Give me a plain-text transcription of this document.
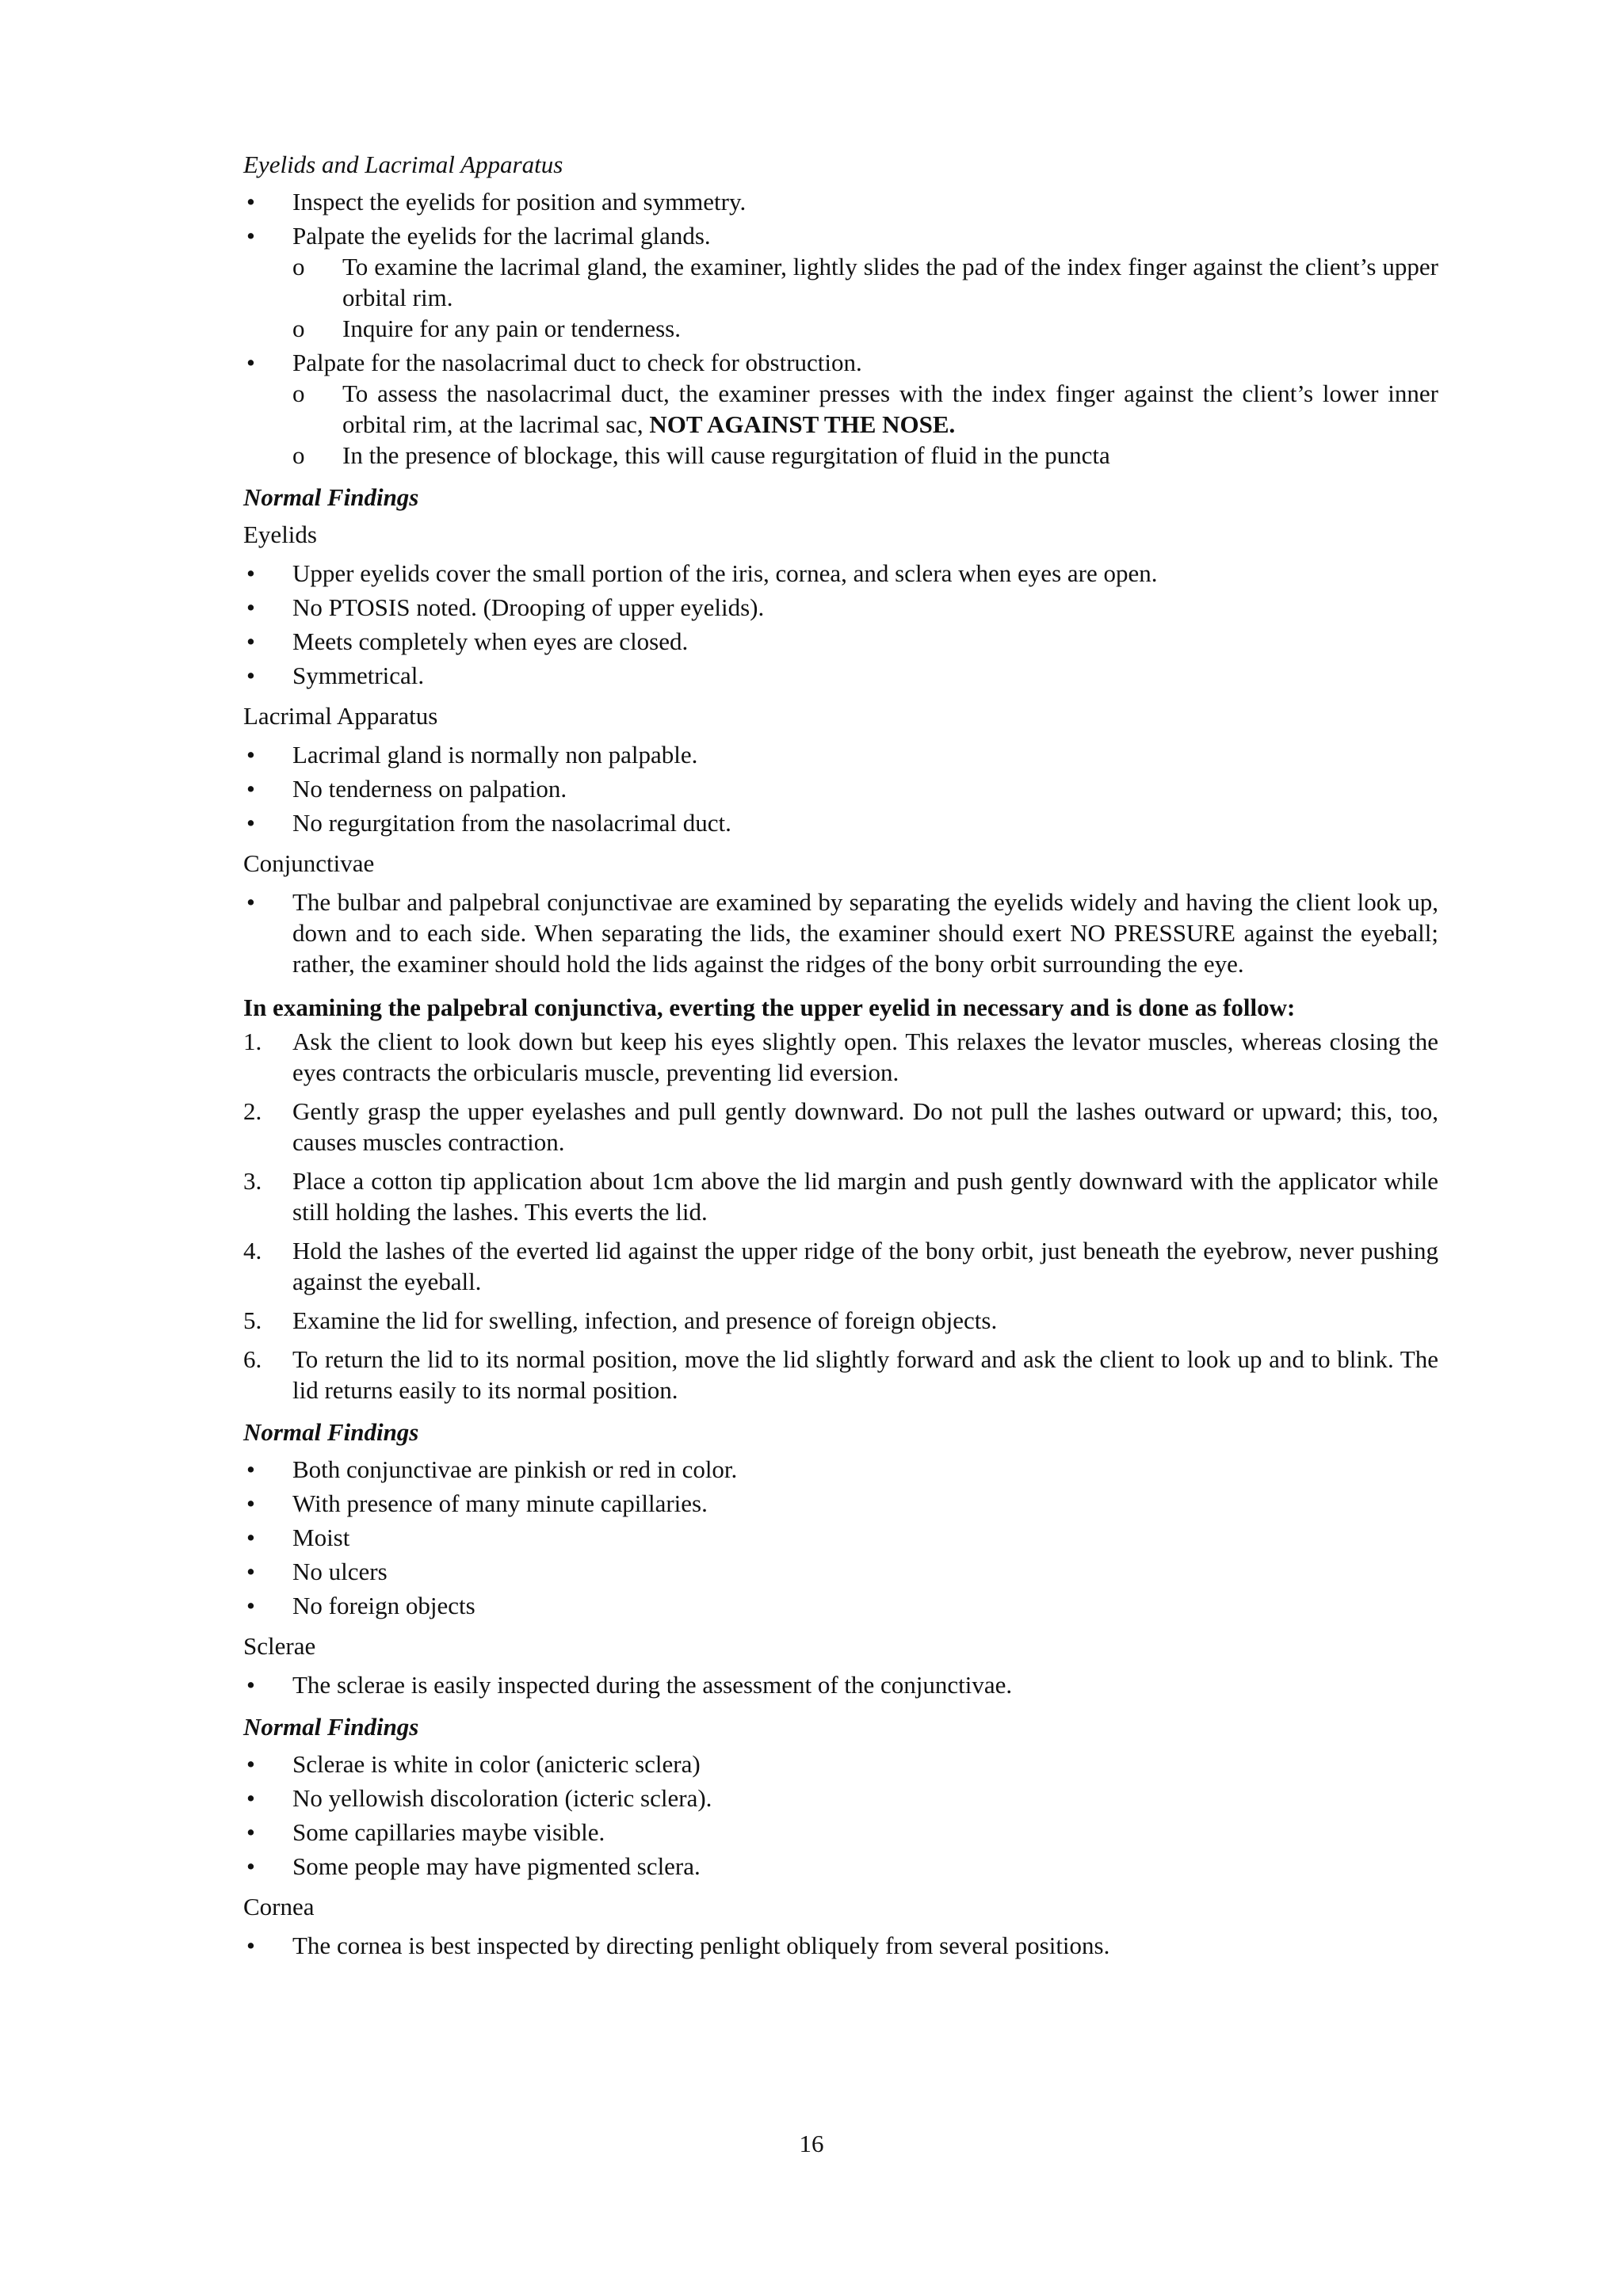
Eyelids and Lacrimal Apparatus
• Inspect the eyelids for position and symmetry.
• Palpate the eyelids for the lacrimal glands.
o To examine the lacrimal gland, the examiner, lightly slides the pad of the index finger against the client’s upper orbital rim.
o Inquire for any pain or tenderness.
• Palpate for the nasolacrimal duct to check for obstruction.
o To assess the nasolacrimal duct, the examiner presses with the index finger against the client’s lower inner orbital rim, at the lacrimal sac, NOT AGAINST THE NOSE.
o In the presence of blockage, this will cause regurgitation of fluid in the puncta
Normal Findings
Eyelids
• Upper eyelids cover the small portion of the iris, cornea, and sclera when eyes are open.
• No PTOSIS noted. (Drooping of upper eyelids).
• Meets completely when eyes are closed.
• Symmetrical.
Lacrimal Apparatus
• Lacrimal gland is normally non palpable.
• No tenderness on palpation.
• No regurgitation from the nasolacrimal duct.
Conjunctivae
• The bulbar and palpebral conjunctivae are examined by separating the eyelids widely and having the client look up, down and to each side. When separating the lids, the examiner should exert NO PRESSURE against the eyeball; rather, the examiner should hold the lids against the ridges of the bony orbit surrounding the eye.
In examining the palpebral conjunctiva, everting the upper eyelid in necessary and is done as follow:
1. Ask the client to look down but keep his eyes slightly open. This relaxes the levator muscles, whereas closing the eyes contracts the orbicularis muscle, preventing lid eversion.
2. Gently grasp the upper eyelashes and pull gently downward. Do not pull the lashes outward or upward; this, too, causes muscles contraction.
3. Place a cotton tip application about 1cm above the lid margin and push gently downward with the applicator while still holding the lashes. This everts the lid.
4. Hold the lashes of the everted lid against the upper ridge of the bony orbit, just beneath the eyebrow, never pushing against the eyeball.
5. Examine the lid for swelling, infection, and presence of foreign objects.
6. To return the lid to its normal position, move the lid slightly forward and ask the client to look up and to blink. The lid returns easily to its normal position.
Normal Findings
• Both conjunctivae are pinkish or red in color.
• With presence of many minute capillaries.
• Moist
• No ulcers
• No foreign objects
Sclerae
• The sclerae is easily inspected during the assessment of the conjunctivae.
Normal Findings
• Sclerae is white in color (anicteric sclera)
• No yellowish discoloration (icteric sclera).
• Some capillaries maybe visible.
• Some people may have pigmented sclera.
Cornea
• The cornea is best inspected by directing penlight obliquely from several positions.
16
